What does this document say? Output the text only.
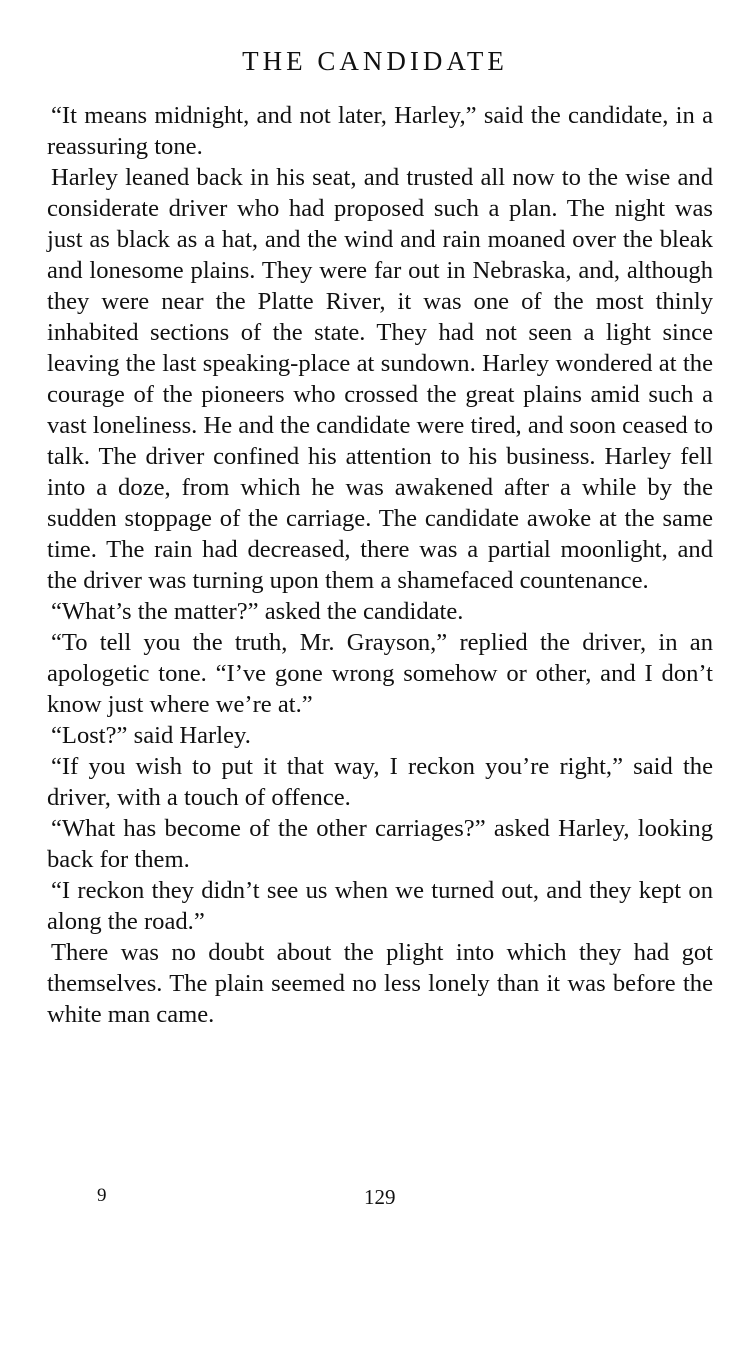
THE CANDIDATE

“It means midnight, and not later, Harley,” said the candidate, in a reassuring tone.

Harley leaned back in his seat, and trusted all now to the wise and considerate driver who had proposed such a plan. The night was just as black as a hat, and the wind and rain moaned over the bleak and lonesome plains. They were far out in Nebraska, and, although they were near the Platte River, it was one of the most thinly inhabited sections of the state. They had not seen a light since leaving the last speaking-place at sundown. Harley wondered at the courage of the pioneers who crossed the great plains amid such a vast loneliness. He and the candidate were tired, and soon ceased to talk. The driver confined his attention to his business. Harley fell into a doze, from which he was awakened after a while by the sudden stoppage of the carriage. The candidate awoke at the same time. The rain had decreased, there was a partial moonlight, and the driver was turning upon them a shamefaced countenance.

“What’s the matter?” asked the candidate.

“To tell you the truth, Mr. Grayson,” replied the driver, in an apologetic tone. “I’ve gone wrong somehow or other, and I don’t know just where we’re at.”

“Lost?” said Harley.

“If you wish to put it that way, I reckon you’re right,” said the driver, with a touch of offence.

“What has become of the other carriages?” asked Harley, looking back for them.

“I reckon they didn’t see us when we turned out, and they kept on along the road.”

There was no doubt about the plight into which they had got themselves. The plain seemed no less lonely than it was before the white man came.

9	129
